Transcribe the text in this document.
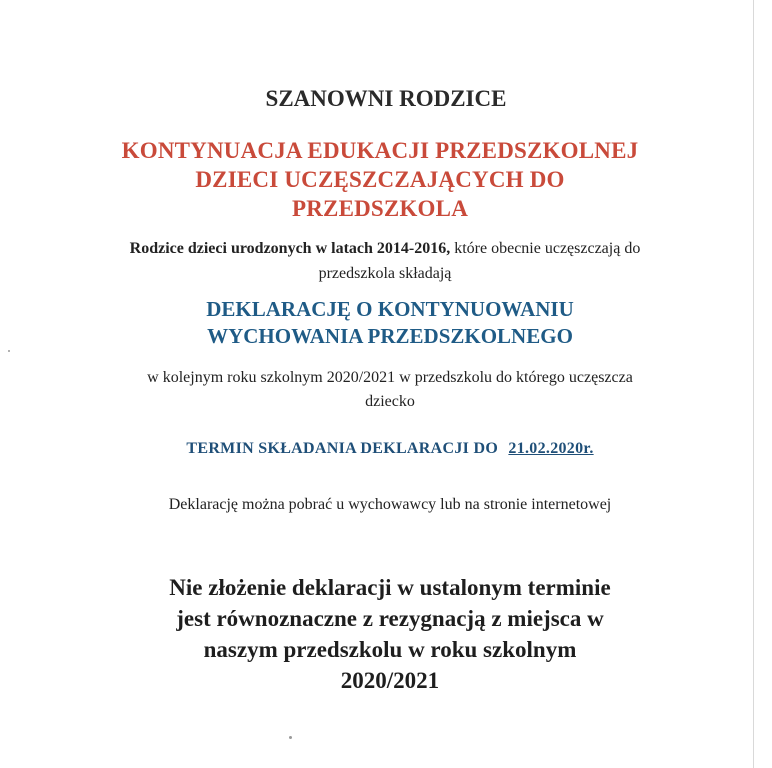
SZANOWNI RODZICE
KONTYNUACJA EDUKACJI PRZEDSZKOLNEJ
DZIECI UCZĘSZCZAJĄCYCH DO
PRZEDSZKOLA
Rodzice dzieci urodzonych w latach 2014-2016, które obecnie uczęszczają do
przedszkola składają
DEKLARACJĘ O KONTYNUOWANIU
WYCHOWANIA PRZEDSZKOLNEGO
w kolejnym roku szkolnym 2020/2021 w przedszkolu do którego uczęszcza
dziecko
TERMIN SKŁADANIA DEKLARACJI DO 21.02.2020r.
Deklarację można pobrać u wychowawcy lub na stronie internetowej
Nie złożenie deklaracji w ustalonym terminie
jest równoznaczne z rezygnacją z miejsca w
naszym przedszkolu w roku szkolnym
2020/2021
